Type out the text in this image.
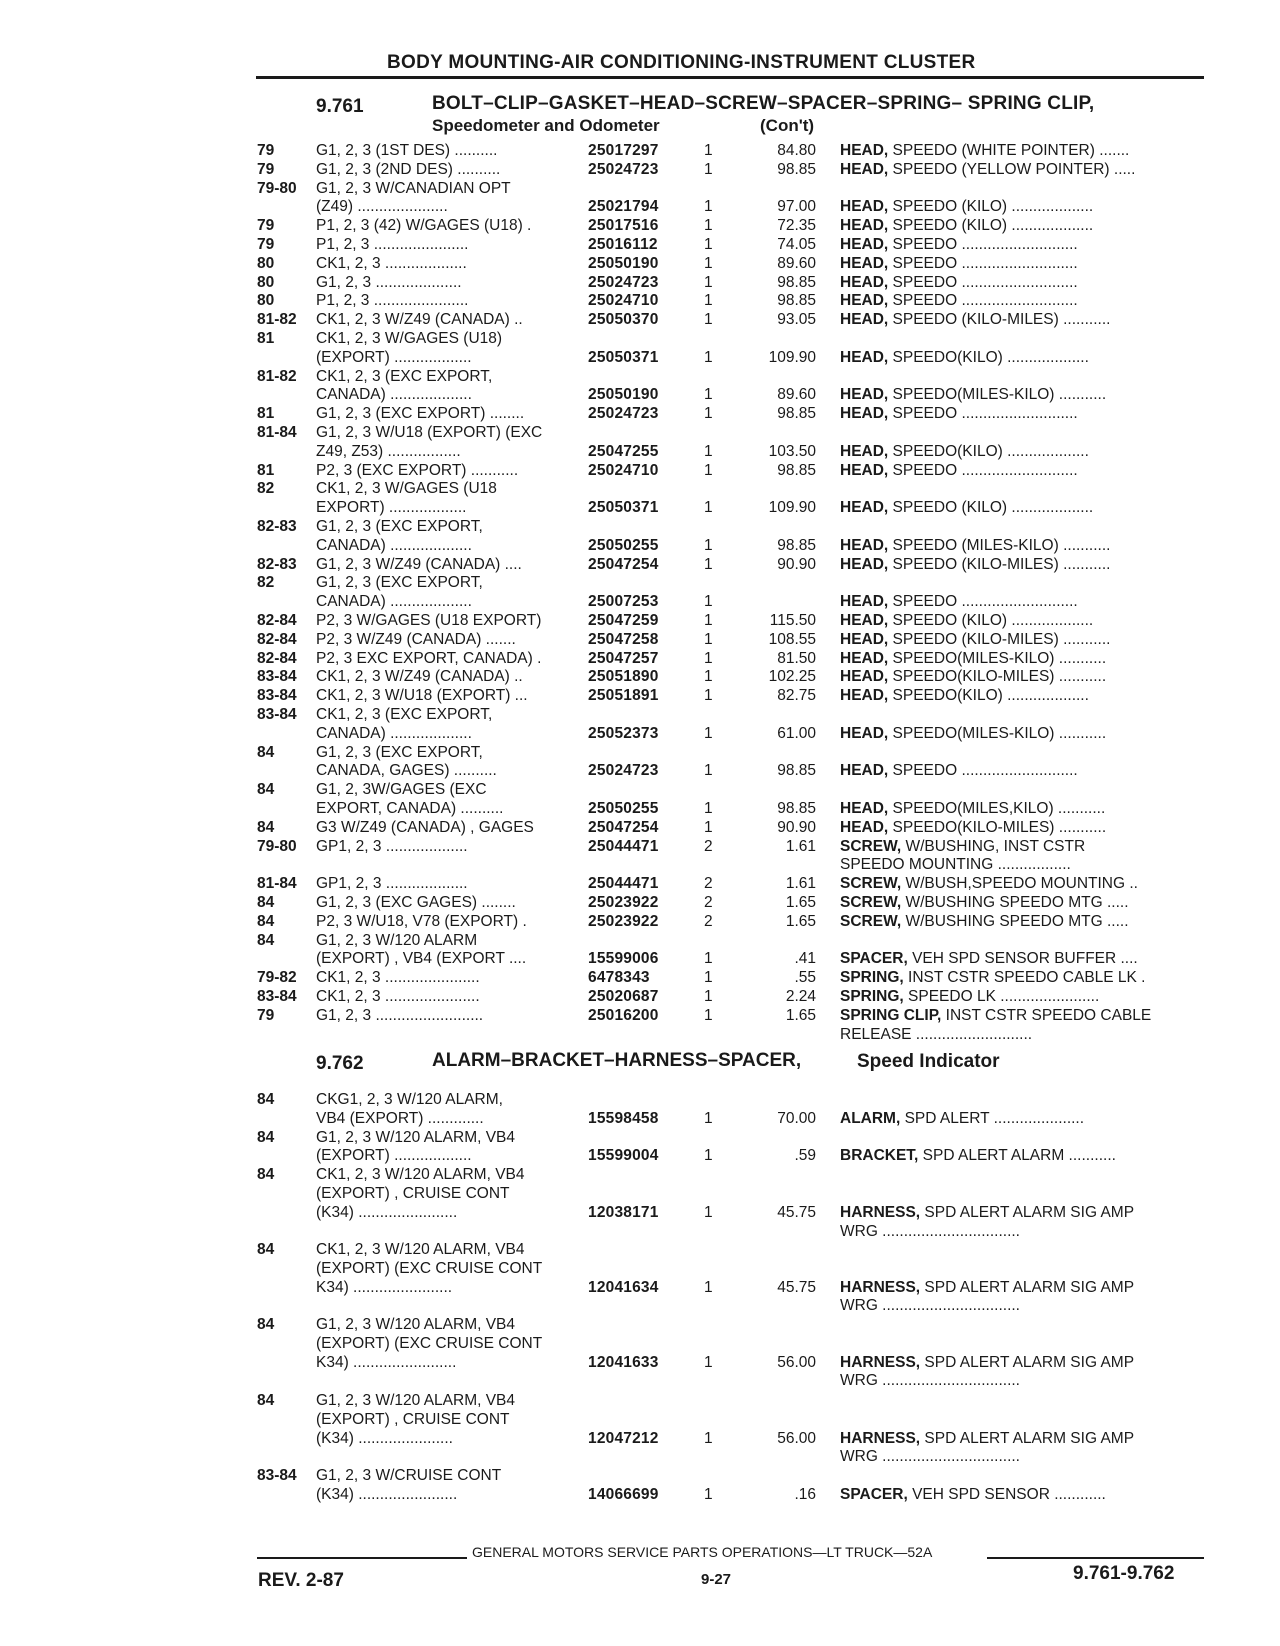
BODY MOUNTING-AIR CONDITIONING-INSTRUMENT CLUSTER
9.761	BOLT–CLIP–GASKET–HEAD–SCREW–SPACER–SPRING– SPRING CLIP,
Speedometer and Odometer	(Con't)
79	G1, 2, 3 (1ST DES) ..........	25017297	1	84.80 HEAD, SPEEDO (WHITE POINTER) .......
79	G1, 2, 3 (2ND DES) ..........	25024723	1	98.85 HEAD, SPEEDO (YELLOW POINTER) .....
79-80 G1, 2, 3 W/CANADIAN OPT
(Z49) .....................	25021794	1	97.00 HEAD, SPEEDO (KILO) ...................
79	P1, 2, 3 (42) W/GAGES (U18) .	25017516	1	72.35 HEAD, SPEEDO (KILO) ...................
79	P1, 2, 3 ......................	25016112	1	74.05 HEAD, SPEEDO ...........................
80	CK1, 2, 3 ...................	25050190	1	89.60 HEAD, SPEEDO ...........................
80	G1, 2, 3 ....................	25024723	1	98.85 HEAD, SPEEDO ...........................
80	P1, 2, 3 ......................	25024710	1	98.85 HEAD, SPEEDO ...........................
81-82 CK1, 2, 3 W/Z49 (CANADA) ..	25050370	1	93.05 HEAD, SPEEDO (KILO-MILES) ...........
81	CK1, 2, 3 W/GAGES (U18)
(EXPORT) ..................	25050371	1	109.90 HEAD, SPEEDO(KILO) ...................
81-82 CK1, 2, 3 (EXC EXPORT,
CANADA) ...................	25050190	1	89.60 HEAD, SPEEDO(MILES-KILO) ...........
81	G1, 2, 3 (EXC EXPORT) ........	25024723	1	98.85 HEAD, SPEEDO ...........................
81-84 G1, 2, 3 W/U18 (EXPORT) (EXC
Z49, Z53) .................	25047255	1	103.50 HEAD, SPEEDO(KILO) ...................
81	P2, 3 (EXC EXPORT) ...........	25024710	1	98.85 HEAD, SPEEDO ...........................
82	CK1, 2, 3 W/GAGES (U18
EXPORT) ..................	25050371	1	109.90 HEAD, SPEEDO (KILO) ...................
82-83 G1, 2, 3 (EXC EXPORT,
CANADA) ...................	25050255	1	98.85 HEAD, SPEEDO (MILES-KILO) ...........
82-83 G1, 2, 3 W/Z49 (CANADA) ....	25047254	1	90.90 HEAD, SPEEDO (KILO-MILES) ...........
82	G1, 2, 3 (EXC EXPORT,
CANADA) ...................	25007253	1	HEAD, SPEEDO ...........................
82-84 P2, 3 W/GAGES (U18 EXPORT)	25047259	1	115.50 HEAD, SPEEDO (KILO) ...................
82-84 P2, 3 W/Z49 (CANADA) .......	25047258	1	108.55 HEAD, SPEEDO (KILO-MILES) ...........
82-84 P2, 3 EXC EXPORT, CANADA) .	25047257	1	81.50 HEAD, SPEEDO(MILES-KILO) ...........
83-84 CK1, 2, 3 W/Z49 (CANADA) ..	25051890	1	102.25 HEAD, SPEEDO(KILO-MILES) ...........
83-84 CK1, 2, 3 W/U18 (EXPORT) ...	25051891	1	82.75 HEAD, SPEEDO(KILO) ...................
83-84 CK1, 2, 3 (EXC EXPORT,
CANADA) ...................	25052373	1	61.00 HEAD, SPEEDO(MILES-KILO) ...........
84	G1, 2, 3 (EXC EXPORT,
CANADA, GAGES) ..........	25024723	1	98.85 HEAD, SPEEDO ...........................
84	G1, 2, 3W/GAGES (EXC
EXPORT, CANADA) ..........	25050255	1	98.85 HEAD, SPEEDO(MILES,KILO) ...........
84	G3 W/Z49 (CANADA) , GAGES	25047254	1	90.90 HEAD, SPEEDO(KILO-MILES) ...........
79-80 GP1, 2, 3 ...................	25044471	2	1.61 SCREW, W/BUSHING, INST CSTR
SPEEDO MOUNTING .................
81-84 GP1, 2, 3 ...................	25044471	2	1.61 SCREW, W/BUSH,SPEEDO MOUNTING ..
84	G1, 2, 3 (EXC GAGES) ........	25023922	2	1.65 SCREW, W/BUSHING SPEEDO MTG .....
84	P2, 3 W/U18, V78 (EXPORT) .	25023922	2	1.65 SCREW, W/BUSHING SPEEDO MTG .....
84	G1, 2, 3 W/120 ALARM
(EXPORT) , VB4 (EXPORT ....	15599006	1	.41 SPACER, VEH SPD SENSOR BUFFER ....
79-82 CK1, 2, 3 ......................	6478343	1	.55 SPRING, INST CSTR SPEEDO CABLE LK .
83-84 CK1, 2, 3 ......................	25020687	1	2.24 SPRING, SPEEDO LK .......................
79	G1, 2, 3 .........................	25016200	1	1.65 SPRING CLIP, INST CSTR SPEEDO CABLE
RELEASE ...........................
9.762	ALARM–BRACKET–HARNESS–SPACER,	Speed Indicator
84	CKG1, 2, 3 W/120 ALARM,
VB4 (EXPORT) .............	15598458	1	70.00 ALARM, SPD ALERT .....................
84	G1, 2, 3 W/120 ALARM, VB4
(EXPORT) ..................	15599004	1	.59 BRACKET, SPD ALERT ALARM ...........
84	CK1, 2, 3 W/120 ALARM, VB4
(EXPORT) , CRUISE CONT
(K34) .......................	12038171	1	45.75 HARNESS, SPD ALERT ALARM SIG AMP
WRG ................................
84	CK1, 2, 3 W/120 ALARM, VB4
(EXPORT) (EXC CRUISE CONT
K34) .......................	12041634	1	45.75 HARNESS, SPD ALERT ALARM SIG AMP
WRG ................................
84	G1, 2, 3 W/120 ALARM, VB4
(EXPORT) (EXC CRUISE CONT
K34) ........................	12041633	1	56.00 HARNESS, SPD ALERT ALARM SIG AMP
WRG ................................
84	G1, 2, 3 W/120 ALARM, VB4
(EXPORT) , CRUISE CONT
(K34) ......................	12047212	1	56.00 HARNESS, SPD ALERT ALARM SIG AMP
WRG ................................
83-84 G1, 2, 3 W/CRUISE CONT
(K34) .......................	14066699	1	.16 SPACER, VEH SPD SENSOR ............
GENERAL MOTORS SERVICE PARTS OPERATIONS—LT TRUCK—52A
REV. 2-87	9-27	9.761-9.762
